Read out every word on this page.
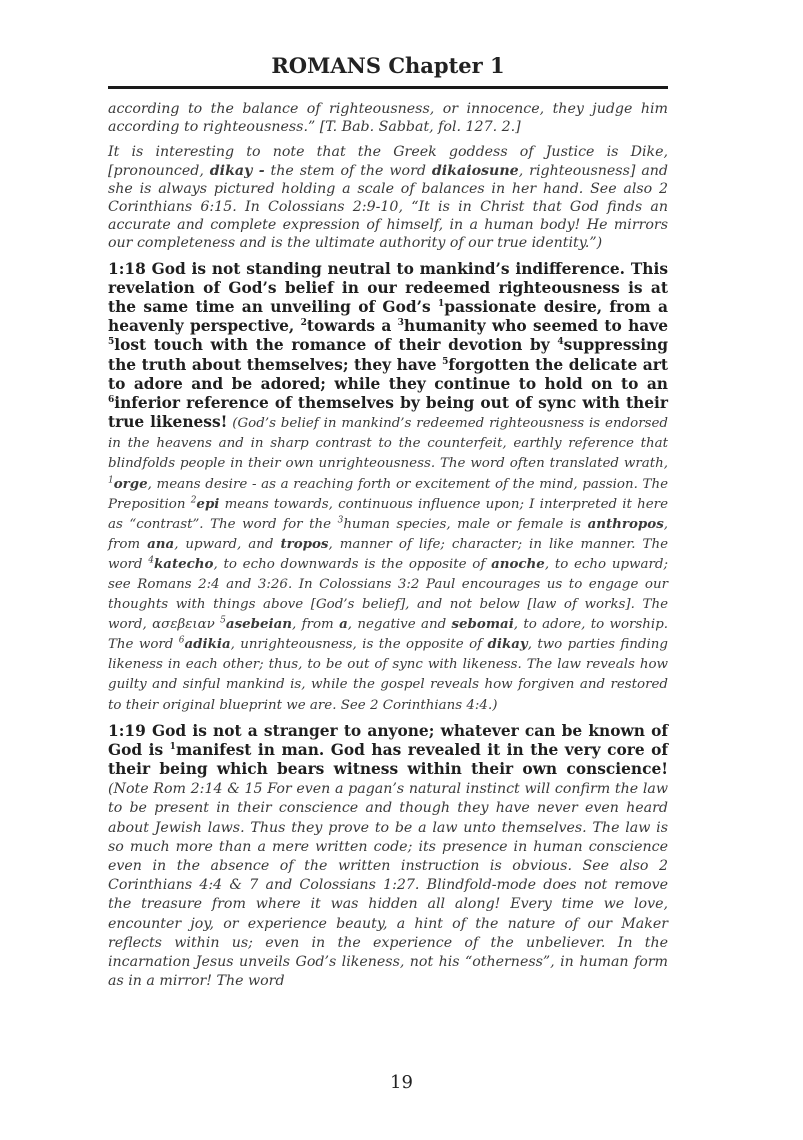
ROMANS Chapter 1

according to the balance of righteousness, or innocence, they judge him according to righteousness.” [T. Bab. Sabbat, fol. 127. 2.]

It is interesting to note that the Greek goddess of Justice is Dike, [pronounced, dikay - the stem of the word dikaiosune, righteousness] and she is always pictured holding a scale of balances in her hand. See also 2 Corinthians 6:15. In Colossians 2:9-10, “It is in Christ that God finds an accurate and complete expression of himself, in a human body! He mirrors our completeness and is the ultimate authority of our true identity.”)

1:18 God is not standing neutral to mankind’s indifference. This revelation of God’s belief in our redeemed righteousness is at the same time an unveiling of God’s $^1$passionate desire, from a heavenly perspective, $^2$towards a $^3$humanity who seemed to have $^5$lost touch with the romance of their devotion by $^4$suppressing the truth about themselves; they have $^5$forgotten the delicate art to adore and be adored; while they continue to hold on to an $^6$inferior reference of themselves by being out of sync with their true likeness! (God’s belief in mankind’s redeemed righteousness is endorsed in the heavens and in sharp contrast to the counterfeit, earthly reference that blindfolds people in their own unrighteousness. The word often translated wrath, $^1$orge, means desire - as a reaching forth or excitement of the mind, passion. The Preposition $^2$epi means towards, continuous influence upon; I interpreted it here as “contrast”. The word for the $^3$human species, male or female is anthropos, from ana, upward, and tropos, manner of life; character; in like manner. The word $^4$katecho, to echo downwards is the opposite of anoche, to echo upward; see Romans 2:4 and 3:26. In Colossians 3:2 Paul encourages us to engage our thoughts with things above [God’s belief], and not below [law of works]. The word, ασεβειαν $^5$asebeian, from a, negative and sebomai, to adore, to worship. The word $^6$adikia, unrighteousness, is the opposite of dikay, two parties finding likeness in each other; thus, to be out of sync with likeness. The law reveals how guilty and sinful mankind is, while the gospel reveals how forgiven and restored to their original blueprint we are. See 2 Corinthians 4:4.)

1:19 God is not a stranger to anyone; whatever can be known of God is $^1$manifest in man. God has revealed it in the very core of their being which bears witness within their own conscience! (Note Rom 2:14 & 15 For even a pagan’s natural instinct will confirm the law to be present in their conscience and though they have never even heard about Jewish laws. Thus they prove to be a law unto themselves. The law is so much more than a mere written code; its presence in human conscience even in the absence of the written instruction is obvious. See also 2 Corinthians 4:4 & 7 and Colossians 1:27. Blindfold-mode does not remove the treasure from where it was hidden all along! Every time we love, encounter joy, or experience beauty, a hint of the nature of our Maker reflects within us; even in the experience of the unbeliever. In the incarnation Jesus unveils God’s likeness, not his “otherness”, in human form as in a mirror! The word

19
